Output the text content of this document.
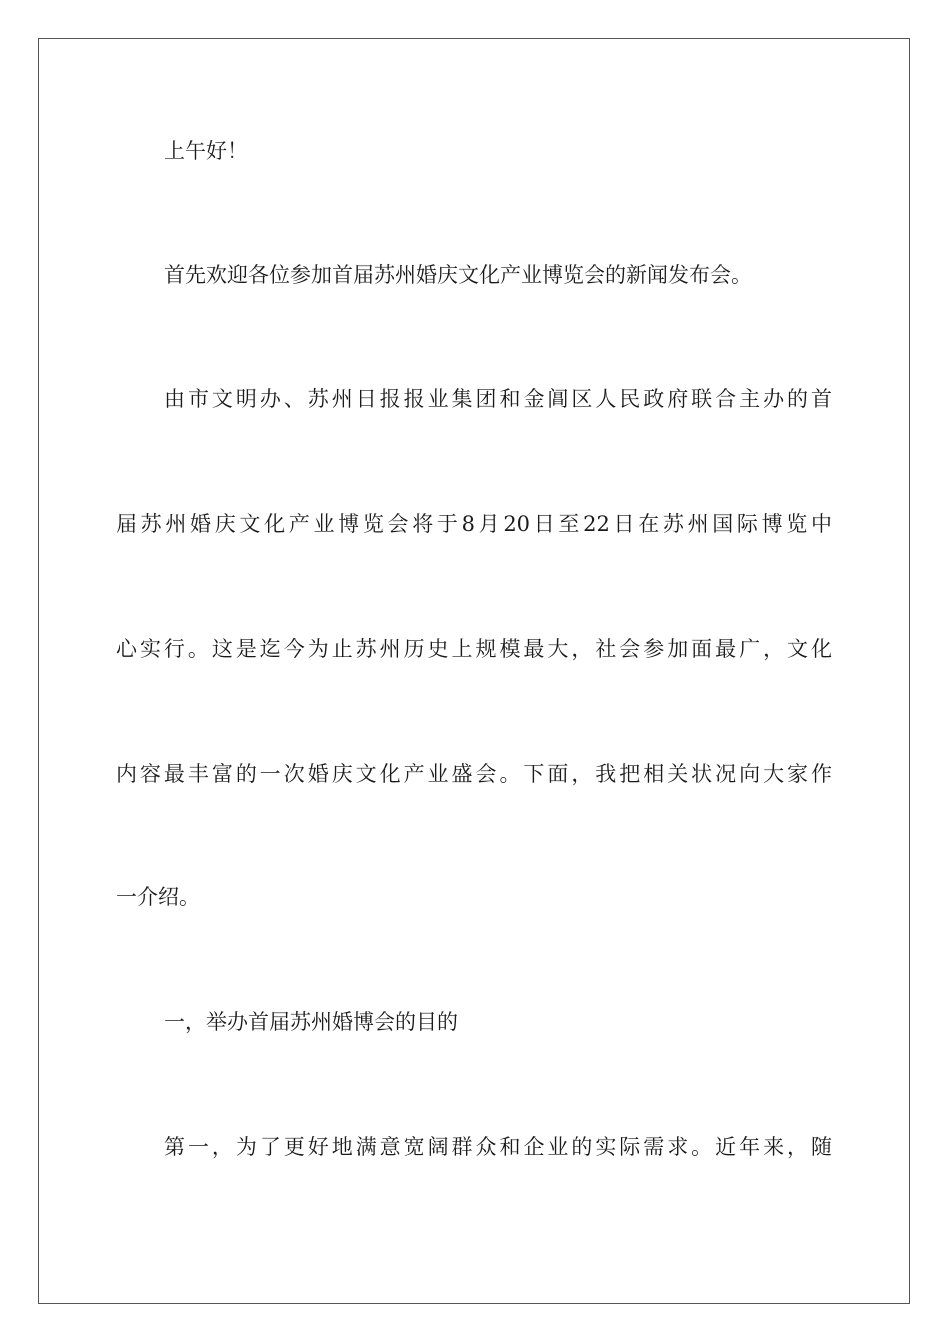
上午好！
首先欢迎各位参加首届苏州婚庆文化产业博览会的新闻发布会。
由市文明办、苏州日报报业集团和金阊区人民政府联合主办的首
届苏州婚庆文化产业博览会将于8月20日至22日在苏州国际博览中
心实行。这是迄今为止苏州历史上规模最大，社会参加面最广，文化
内容最丰富的一次婚庆文化产业盛会。下面，我把相关状况向大家作
一介绍。
一，举办首届苏州婚博会的目的
第一，为了更好地满意宽阔群众和企业的实际需求。近年来，随
